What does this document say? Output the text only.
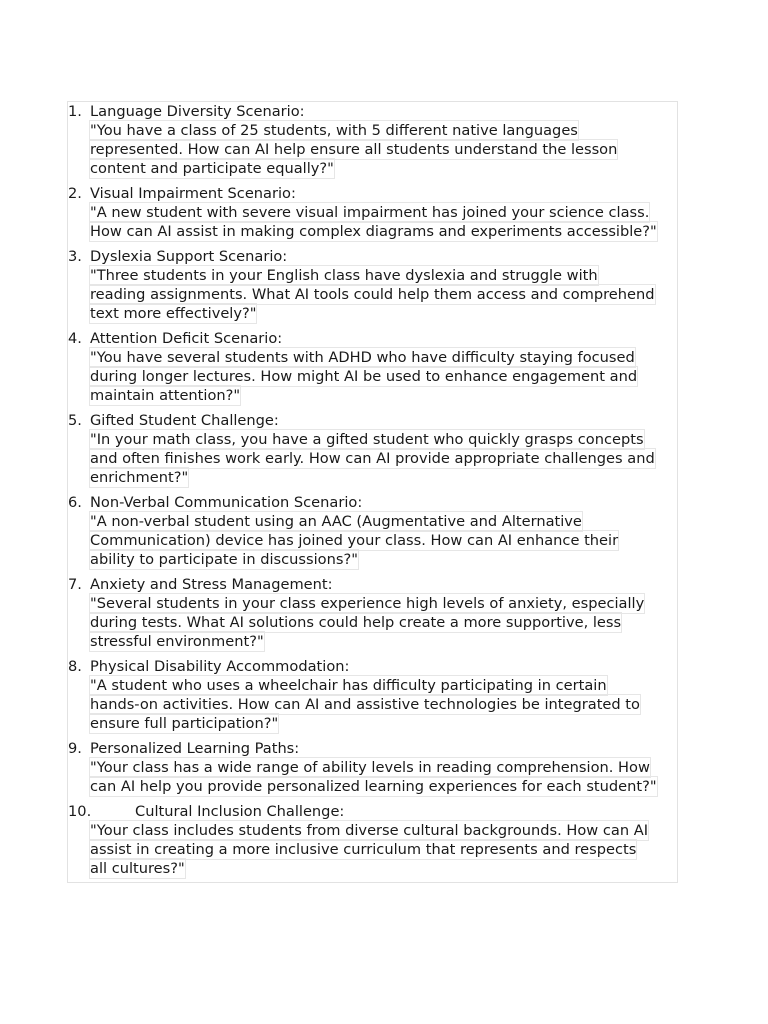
1. Language Diversity Scenario:
"You have a class of 25 students, with 5 different native languages
represented. How can AI help ensure all students understand the lesson
content and participate equally?"
2. Visual Impairment Scenario:
"A new student with severe visual impairment has joined your science class.
How can AI assist in making complex diagrams and experiments accessible?"
3. Dyslexia Support Scenario:
"Three students in your English class have dyslexia and struggle with
reading assignments. What AI tools could help them access and comprehend
text more effectively?"
4. Attention Deficit Scenario:
"You have several students with ADHD who have difficulty staying focused
during longer lectures. How might AI be used to enhance engagement and
maintain attention?"
5. Gifted Student Challenge:
"In your math class, you have a gifted student who quickly grasps concepts
and often finishes work early. How can AI provide appropriate challenges and
enrichment?"
6. Non-Verbal Communication Scenario:
"A non-verbal student using an AAC (Augmentative and Alternative
Communication) device has joined your class. How can AI enhance their
ability to participate in discussions?"
7. Anxiety and Stress Management:
"Several students in your class experience high levels of anxiety, especially
during tests. What AI solutions could help create a more supportive, less
stressful environment?"
8. Physical Disability Accommodation:
"A student who uses a wheelchair has difficulty participating in certain
hands-on activities. How can AI and assistive technologies be integrated to
ensure full participation?"
9. Personalized Learning Paths:
"Your class has a wide range of ability levels in reading comprehension. How
can AI help you provide personalized learning experiences for each student?"
10.	Cultural Inclusion Challenge:
"Your class includes students from diverse cultural backgrounds. How can AI
assist in creating a more inclusive curriculum that represents and respects
all cultures?"
